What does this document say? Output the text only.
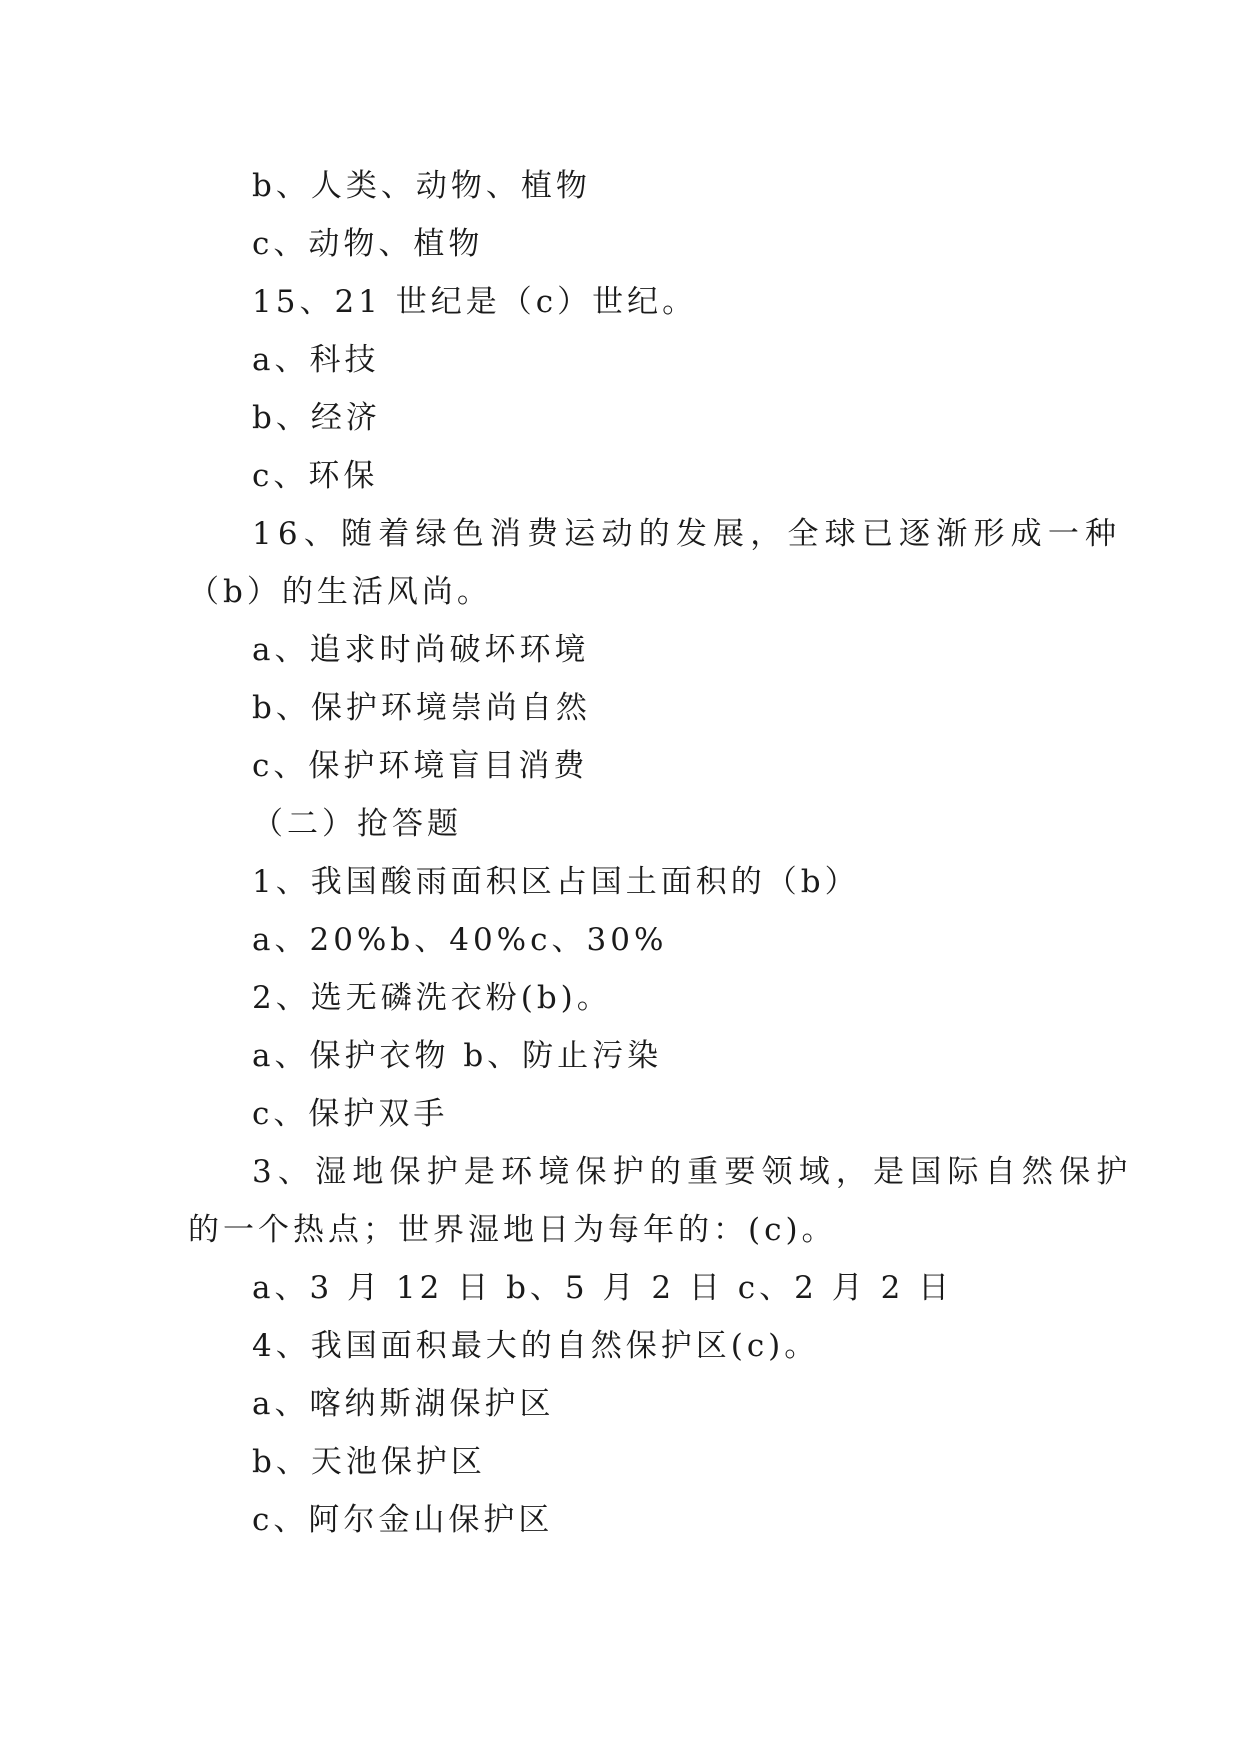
b、人类、动物、植物
c、动物、植物
15、21 世纪是（c）世纪。
a、科技
b、经济
c、环保
16、随着绿色消费运动的发展，全球已逐渐形成一种
（b）的生活风尚。
a、追求时尚破坏环境
b、保护环境崇尚自然
c、保护环境盲目消费
（二）抢答题
1、我国酸雨面积区占国土面积的（b）
a、20%b、40%c、30%
2、选无磷洗衣粉(b)。
a、保护衣物 b、防止污染
c、保护双手
3、湿地保护是环境保护的重要领域，是国际自然保护
的一个热点；世界湿地日为每年的：(c)。
a、3 月 12 日 b、5 月 2 日 c、2 月 2 日
4、我国面积最大的自然保护区(c)。
a、喀纳斯湖保护区
b、天池保护区
c、阿尔金山保护区
